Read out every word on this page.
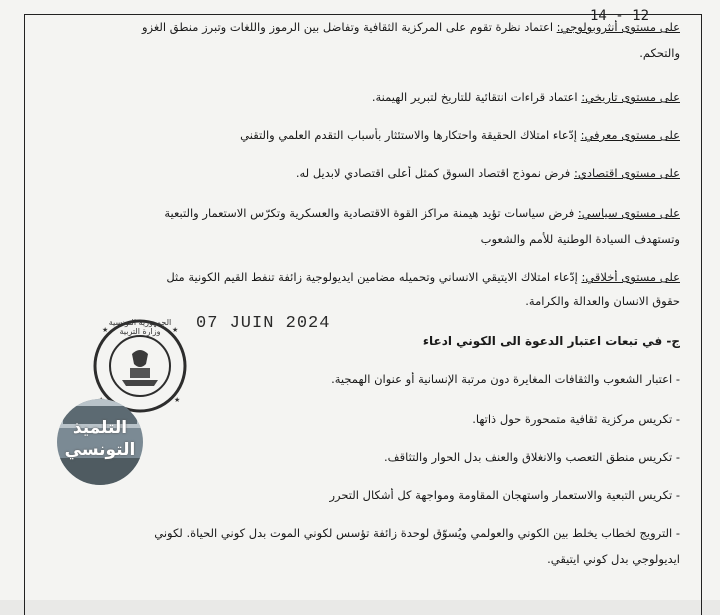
14 - 12
على مستوى أنثروبولوجي: اعتماد نظرة تقوم على المركزية الثقافية وتفاضل بين الرموز واللغات وتبرز منطق الغزو
والتحكم.
على مستوى تاريخي: اعتماد قراءات انتقائية للتاريخ لتبرير الهيمنة.
على مستوى معرفي: إدّعاء امتلاك الحقيقة واحتكارها والاستئثار بأسباب التقدم العلمي والتقني
على مستوى اقتصادي: فرض نموذج اقتصاد السوق كمثل أعلى اقتصادي لابديل له.
على مستوى سياسي: فرض سياسات تؤيد هيمنة مراكز القوة الاقتصادية والعسكرية وتكرّس الاستعمار والتبعية
وتستهدف السيادة الوطنية للأمم والشعوب
على مستوى أخلاقي: إدّعاء امتلاك الايتيقي الانساني وتحميله مضامين ايديولوجية زائفة تنفط القيم الكونية مثل
حقوق الانسان والعدالة والكرامة.
07 JUIN 2024
ج- في تبعات اعتبار الدعوة الى الكوني ادعاء
- اعتبار الشعوب والثقافات المغايرة دون مرتبة الإنسانية أو عنوان الهمجية.
- تكريس مركزية ثقافية متمحورة حول ذاتها.
- تكريس منطق التعصب والانغلاق والعنف بدل الحوار والتثاقف.
- تكريس التبعية والاستعمار واستهجان المقاومة ومواجهة كل أشكال التحرر
- الترويج لخطاب يخلط بين الكوني والعولمي ويُسوّق لوحدة زائفة تؤسس لكوني الموت بدل كوني الحياة. لكوني
ايديولوجي بدل كوني ايتيقي.
★	★
★
الجمهورية التونسية وزارة التربية
التلميذ
التونسي
